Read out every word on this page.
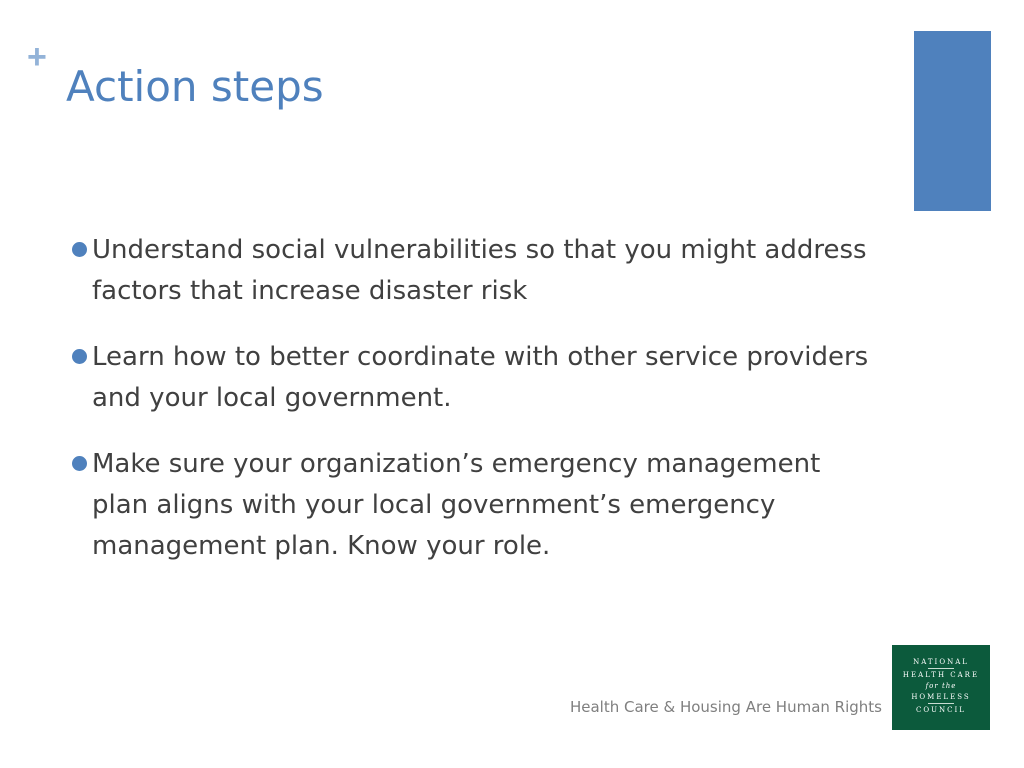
+
Action steps
Understand social vulnerabilities so that you might address factors that increase disaster risk
Learn how to better coordinate with other service providers and your local government.
Make sure your organization’s emergency management plan aligns with your local government’s emergency management plan. Know your role.
Health Care & Housing Are Human Rights
NATIONAL
HEALTH CARE
for the
HOMELESS
COUNCIL
